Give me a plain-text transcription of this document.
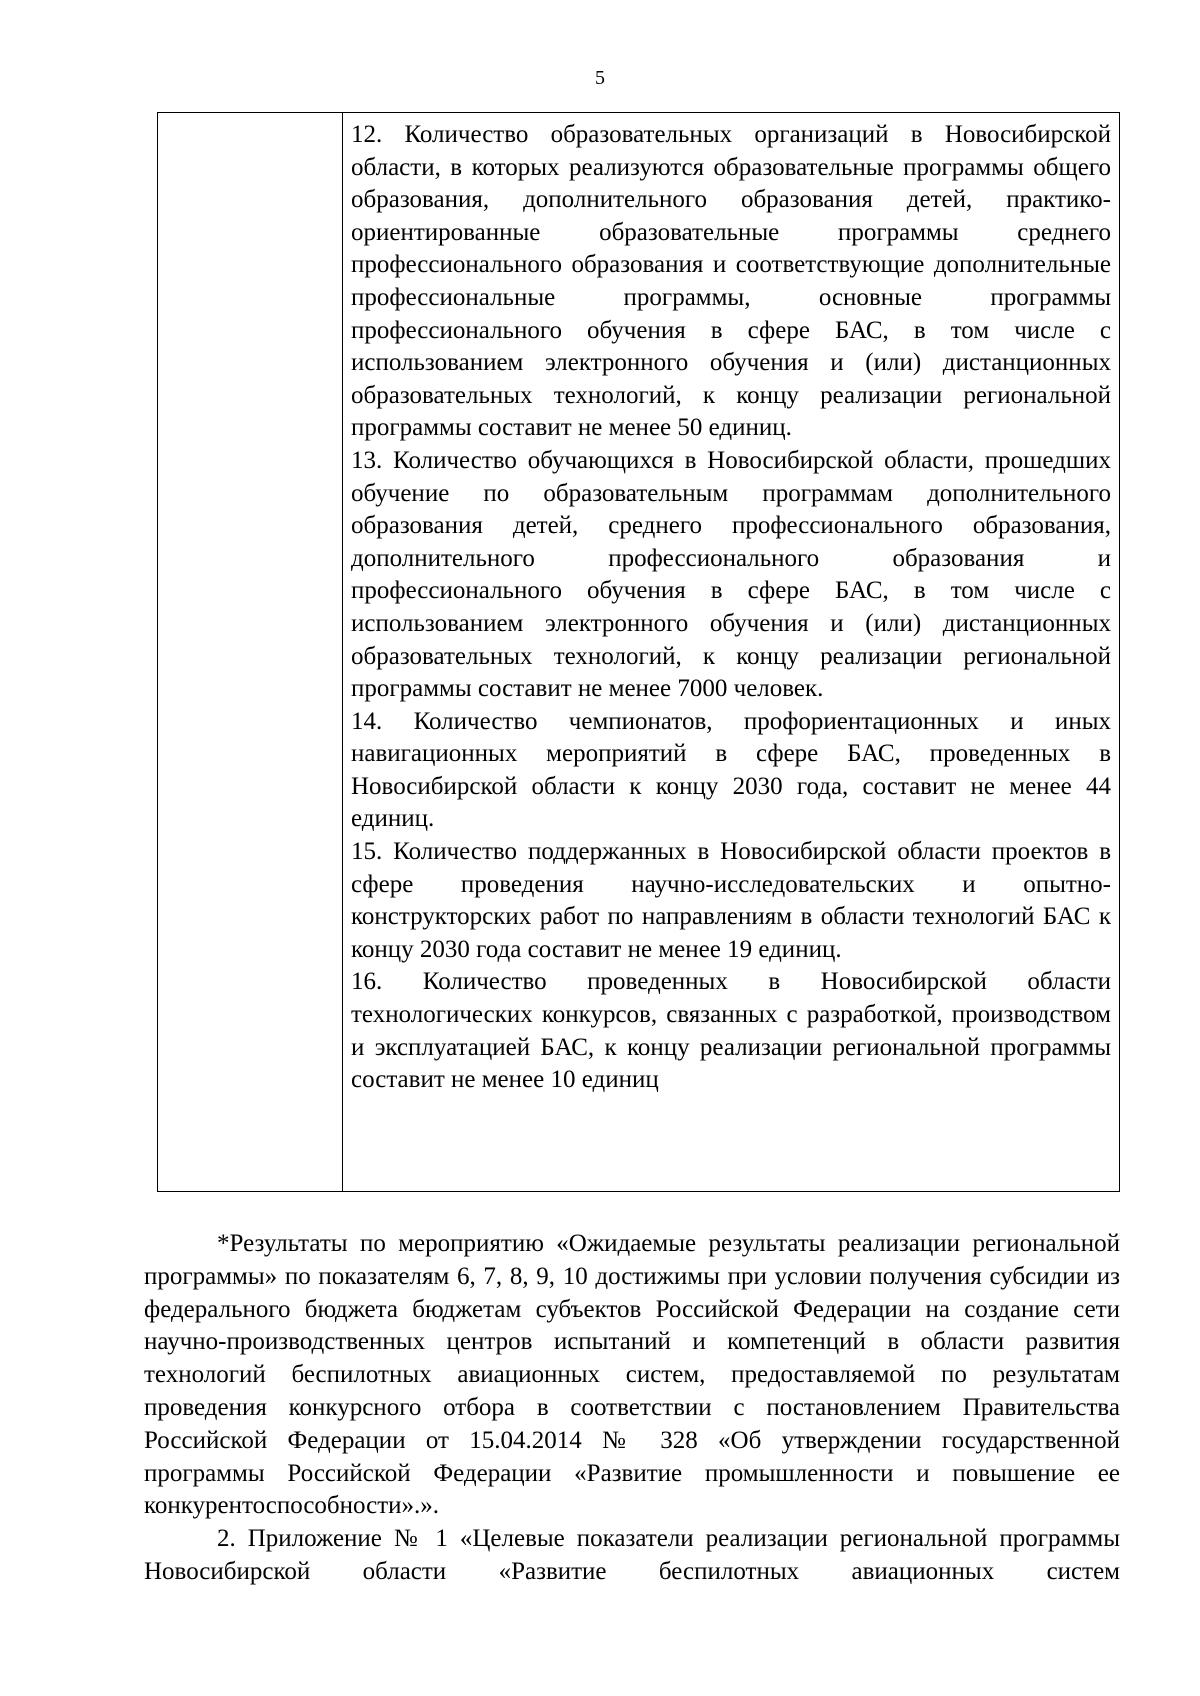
5

12. Количество образовательных организаций в Новосибирской области, в которых реализуются образовательные программы общего образования, дополнительного образования детей, практико-ориентированные образовательные программы среднего профессионального образования и соответствующие дополнительные профессиональные программы, основные программы профессионального обучения в сфере БАС, в том числе с использованием электронного обучения и (или) дистанционных образовательных технологий, к концу реализации региональной программы составит не менее 50 единиц.

13. Количество обучающихся в Новосибирской области, прошедших обучение по образовательным программам дополнительного образования детей, среднего профессионального образования, дополнительного профессионального образования и профессионального обучения в сфере БАС, в том числе с использованием электронного обучения и (или) дистанционных образовательных технологий, к концу реализации региональной программы составит не менее 7000 человек.

14. Количество чемпионатов, профориентационных и иных навигационных мероприятий в сфере БАС, проведенных в Новосибирской области к концу 2030 года, составит не менее 44 единиц.

15. Количество поддержанных в Новосибирской области проектов в сфере проведения научно-исследовательских и опытно-конструкторских работ по направлениям в области технологий БАС к концу 2030 года составит не менее 19 единиц.

16. Количество проведенных в Новосибирской области технологических конкурсов, связанных с разработкой, производством и эксплуатацией БАС, к концу реализации региональной программы составит не менее 10 единиц

*Результаты по мероприятию «Ожидаемые результаты реализации региональной программы» по показателям 6, 7, 8, 9, 10 достижимы при условии получения субсидии из федерального бюджета бюджетам субъектов Российской Федерации на создание сети научно-производственных центров испытаний и компетенций в области развития технологий беспилотных авиационных систем, предоставляемой по результатам проведения конкурсного отбора в соответствии с постановлением Правительства Российской Федерации от 15.04.2014 № 328 «Об утверждении государственной программы Российской Федерации «Развитие промышленности и повышение ее конкурентоспособности».».

2. Приложение № 1 «Целевые показатели реализации региональной программы Новосибирской области «Развитие беспилотных авиационных систем
